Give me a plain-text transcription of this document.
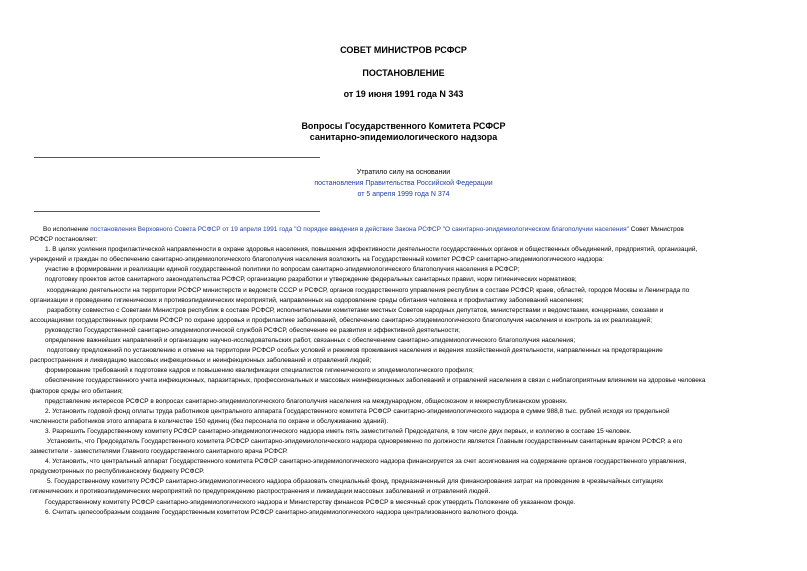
СОВЕТ МИНИСТРОВ РСФСР
ПОСТАНОВЛЕНИЕ
от 19 июня 1991 года N 343
Вопросы Государственного Комитета РСФСР
санитарно-эпидемиологического надзора
Утратило силу на основании
постановления Правительства Российской Федерации
от 5 апреля 1999 года N 374
Во исполнение постановления Верховного Совета РСФСР от 19 апреля 1991 года "О порядке введения в действие Закона РСФСР "О санитарно-эпидемиологическом благополучии населения" Совет Министров
РСФСР постановляет:
1. В целях усиления профилактической направленности в охране здоровья населения, повышения эффективности деятельности государственных органов и общественных объединений, предприятий, организаций,
учреждений и граждан по обеспечению санитарно-эпидемиологического благополучия населения возложить на Государственный комитет РСФСР санитарно-эпидемиологического надзора:
участие в формировании и реализации единой государственной политики по вопросам санитарно-эпидемиологического благополучия населения в РСФСР;
подготовку проектов актов санитарного законодательства РСФСР, организацию разработки и утверждение федеральных санитарных правил, норм гигиенических нормативов;
координацию деятельности на территории РСФСР министерств и ведомств СССР и РСФСР, органов государственного управления республик в составе РСФСР, краев, областей, городов Москвы и Ленинграда по
организации и проведению гигиенических и противоэпидемических мероприятий, направленных на оздоровление среды обитания человека и профилактику заболеваний населения;
разработку совместно с Советами Министров республик в составе РСФСР, исполнительными комитетами местных Советов народных депутатов, министерствами и ведомствами, концернами, союзами и
ассоциациями государственных программ РСФСР по охране здоровья и профилактике заболеваний, обеспечению санитарно-эпидемиологического благополучия населения и контроль за их реализацией;
руководство Государственной санитарно-эпидемиологической службой РСФСР, обеспечение ее развития и эффективной деятельности;
определение важнейших направлений и организацию научно-исследовательских работ, связанных с обеспечением санитарно-эпидемиологического благополучия населения;
подготовку предложений по установлению и отмене на территории РСФСР особых условий и режимов проживания населения и ведения хозяйственной деятельности, направленных на предотвращение
распространения и ликвидацию массовых инфекционных и неинфекционных заболеваний и отравлений людей;
формирование требований к подготовке кадров и повышению квалификации специалистов гигиенического и эпидемиологического профиля;
обеспечение государственного учета инфекционных, паразитарных, профессиональных и массовых неинфекционных заболеваний и отравлений населения в связи с неблагоприятным влиянием на здоровье человека
факторов среды его обитания;
представление интересов РСФСР в вопросах санитарно-эпидемиологического благополучия населения на международном, общесоюзном и межреспубликанском уровнях.
2. Установить годовой фонд оплаты труда работников центрального аппарата Государственного комитета РСФСР санитарно-эпидемиологического надзора в сумме 988,8 тыс. рублей исходя из предельной
численности работников этого аппарата в количестве 150 единиц (без персонала по охране и обслуживанию зданий).
3. Разрешить Государственному комитету РСФСР санитарно-эпидемиологического надзора иметь пять заместителей Председателя, в том числе двух первых, и коллегию в составе 15 человек.
Установить, что Председатель Государственного комитета РСФСР санитарно-эпидемиологического надзора одновременно по должности является Главным государственным санитарным врачом РСФСР, а его
заместители - заместителями Главного государственного санитарного врача РСФСР.
4. Установить, что центральный аппарат Государственного комитета РСФСР санитарно-эпидемиологического надзора финансируется за счет ассигнования на содержание органов государственного управления,
предусмотренных по республиканскому бюджету РСФСР.
5. Государственному комитету РСФСР санитарно-эпидемиологического надзора образовать специальный фонд, предназначенный для финансирования затрат на проведение в чрезвычайных ситуациях
гигиенических и противоэпидемических мероприятий по предупреждению распространения и ликвидации массовых заболеваний и отравлений людей.
Государственному комитету РСФСР санитарно-эпидемиологического надзора и Министерству финансов РСФСР в месячный срок утвердить Положение об указанном фонде.
6. Считать целесообразным создание Государственным комитетом РСФСР санитарно-эпидемиологического надзора централизованного валютного фонда.
